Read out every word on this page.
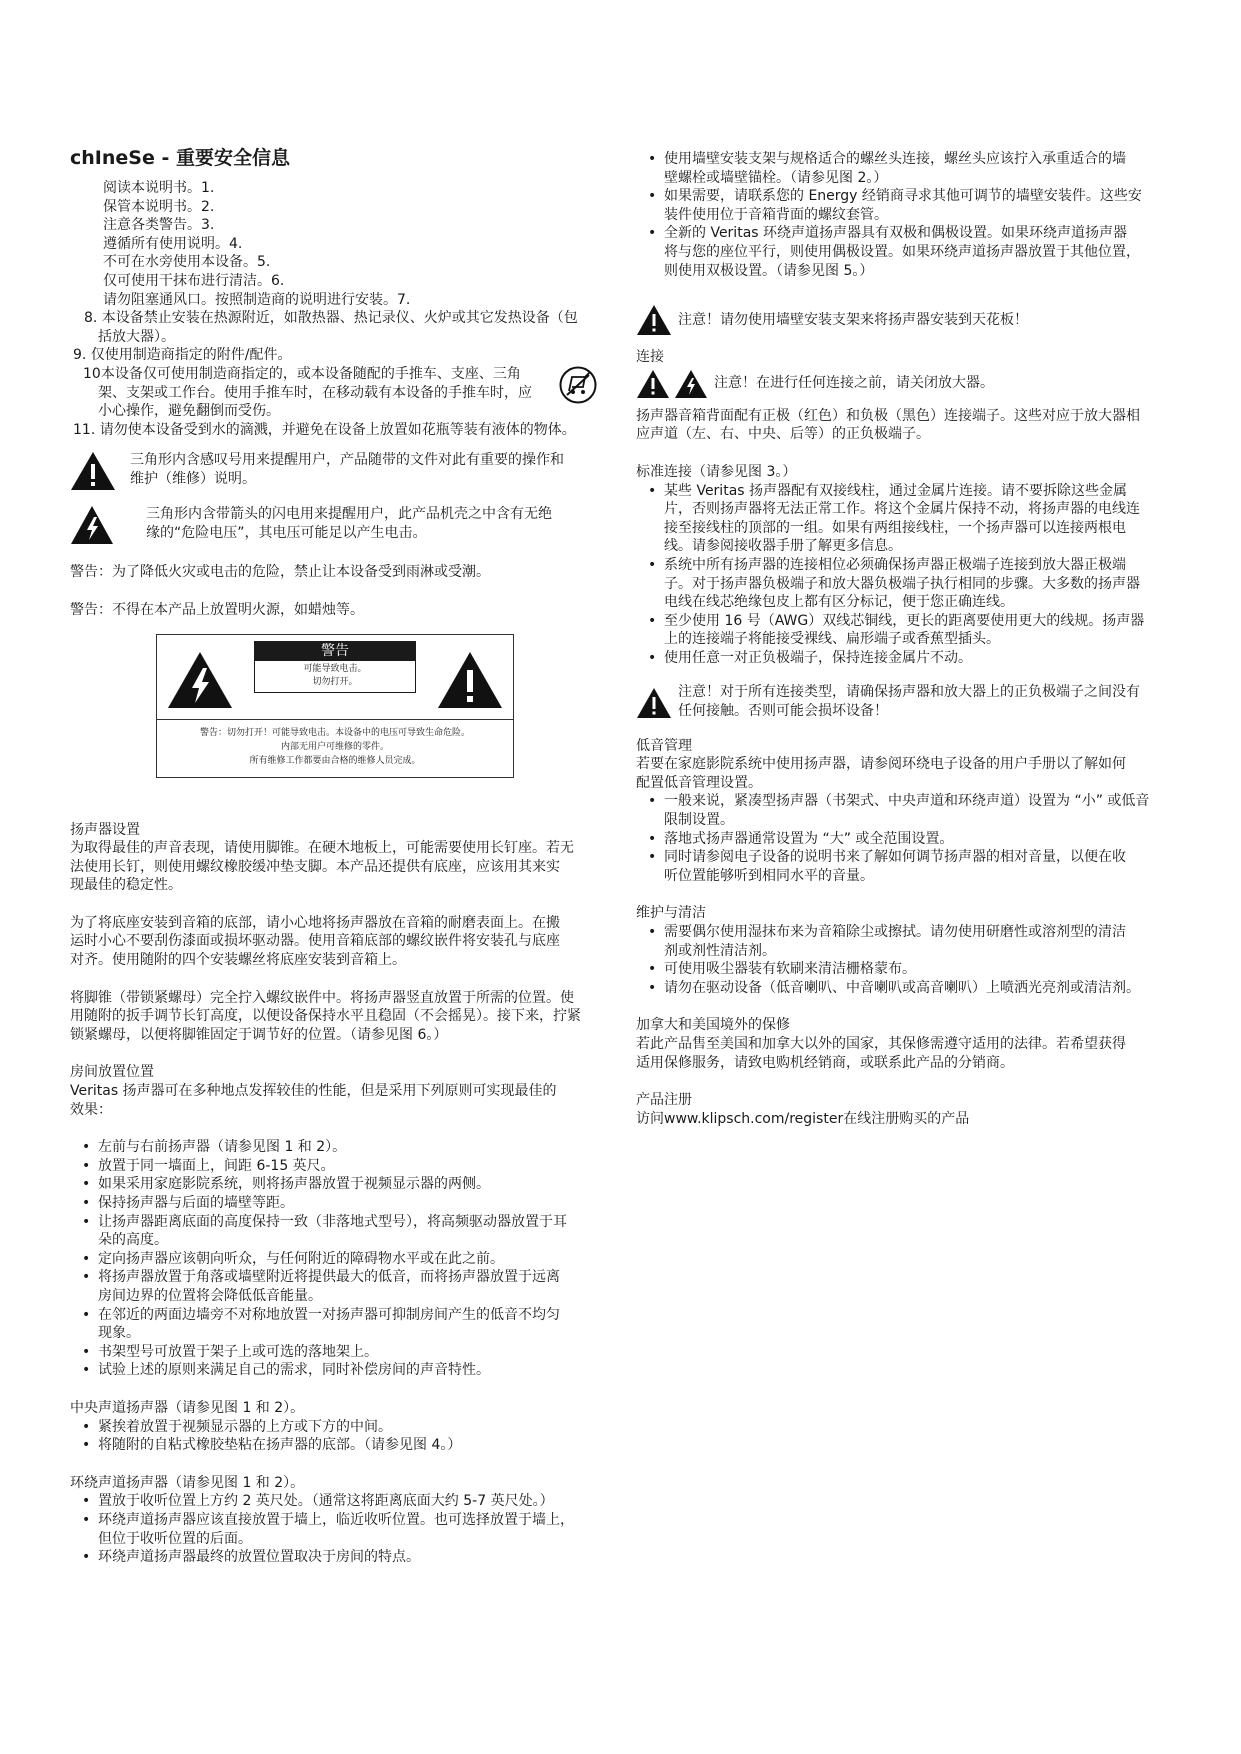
chIneSe - 重要安全信息
阅读本说明书。1.
保管本说明书。2.
注意各类警告。3.
遵循所有使用说明。4.
不可在水旁使用本设备。5.
仅可使用干抹布进行清洁。6.
请勿阻塞通风口。按照制造商的说明进行安装。7.
8. 本设备禁止安装在热源附近，如散热器、热记录仪、火炉或其它发热设备（包
括放大器）。
9. 仅使用制造商指定的附件/配件。
10本设备仅可使用制造商指定的，或本设备随配的手推车、支座、三角
架、支架或工作台。使用手推车时，在移动载有本设备的手推车时，应
小心操作，避免翻倒而受伤。
11. 请勿使本设备受到水的滴溅，并避免在设备上放置如花瓶等装有液体的物体。
三角形内含感叹号用来提醒用户，产品随带的文件对此有重要的操作和
维护（维修）说明。
三角形内含带箭头的闪电用来提醒用户，此产品机壳之中含有无绝
缘的“危险电压”，其电压可能足以产生电击。
警告：为了降低火灾或电击的危险，禁止让本设备受到雨淋或受潮。
警告：不得在本产品上放置明火源，如蜡烛等。
警告
可能导致电击。
切勿打开。
警告：切勿打开！可能导致电击。本设备中的电压可导致生命危险。
内部无用户可维修的零件。
所有维修工作都要由合格的维修人员完成。
扬声器设置
为取得最佳的声音表现，请使用脚锥。在硬木地板上，可能需要使用长钉座。若无
法使用长钉，则使用螺纹橡胶缓冲垫支脚。本产品还提供有底座，应该用其来实
现最佳的稳定性。
为了将底座安装到音箱的底部，请小心地将扬声器放在音箱的耐磨表面上。在搬
运时小心不要刮伤漆面或损坏驱动器。使用音箱底部的螺纹嵌件将安装孔与底座
对齐。使用随附的四个安装螺丝将底座安装到音箱上。
将脚锥（带锁紧螺母）完全拧入螺纹嵌件中。将扬声器竖直放置于所需的位置。使
用随附的扳手调节长钉高度，以便设备保持水平且稳固（不会摇晃）。接下来，拧紧
锁紧螺母，以便将脚锥固定于调节好的位置。（请参见图 6。）
房间放置位置
Veritas 扬声器可在多种地点发挥较佳的性能，但是采用下列原则可实现最佳的
效果：
• 左前与右前扬声器（请参见图 1 和 2）。
• 放置于同一墙面上，间距 6-15 英尺。
• 如果采用家庭影院系统，则将扬声器放置于视频显示器的两侧。
• 保持扬声器与后面的墙壁等距。
• 让扬声器距离底面的高度保持一致（非落地式型号），将高频驱动器放置于耳
朵的高度。
• 定向扬声器应该朝向听众，与任何附近的障碍物水平或在此之前。
• 将扬声器放置于角落或墙壁附近将提供最大的低音，而将扬声器放置于远离
房间边界的位置将会降低低音能量。
• 在邻近的两面边墙旁不对称地放置一对扬声器可抑制房间产生的低音不均匀
现象。
• 书架型号可放置于架子上或可选的落地架上。
• 试验上述的原则来满足自己的需求，同时补偿房间的声音特性。
中央声道扬声器（请参见图 1 和 2）。
• 紧挨着放置于视频显示器的上方或下方的中间。
• 将随附的自粘式橡胶垫粘在扬声器的底部。（请参见图 4。）
环绕声道扬声器（请参见图 1 和 2）。
• 置放于收听位置上方约 2 英尺处。（通常这将距离底面大约 5-7 英尺处。）
• 环绕声道扬声器应该直接放置于墙上，临近收听位置。也可选择放置于墙上，
但位于收听位置的后面。
• 环绕声道扬声器最终的放置位置取决于房间的特点。
• 使用墙壁安装支架与规格适合的螺丝头连接，螺丝头应该拧入承重适合的墙
壁螺栓或墙壁锚栓。（请参见图 2。）
• 如果需要，请联系您的 Energy 经销商寻求其他可调节的墙壁安装件。这些安
装件使用位于音箱背面的螺纹套管。
• 全新的 Veritas 环绕声道扬声器具有双极和偶极设置。如果环绕声道扬声器
将与您的座位平行，则使用偶极设置。如果环绕声道扬声器放置于其他位置，
则使用双极设置。（请参见图 5。）
注意！请勿使用墙壁安装支架来将扬声器安装到天花板！
连接
注意！在进行任何连接之前，请关闭放大器。
扬声器音箱背面配有正极（红色）和负极（黑色）连接端子。这些对应于放大器相
应声道（左、右、中央、后等）的正负极端子。
标准连接（请参见图 3。）
• 某些 Veritas 扬声器配有双接线柱，通过金属片连接。请不要拆除这些金属
片，否则扬声器将无法正常工作。将这个金属片保持不动，将扬声器的电线连
接至接线柱的顶部的一组。如果有两组接线柱，一个扬声器可以连接两根电
线。请参阅接收器手册了解更多信息。
• 系统中所有扬声器的连接相位必须确保扬声器正极端子连接到放大器正极端
子。对于扬声器负极端子和放大器负极端子执行相同的步骤。大多数的扬声器
电线在线芯绝缘包皮上都有区分标记，便于您正确连线。
• 至少使用 16 号（AWG）双线芯铜线，更长的距离要使用更大的线规。扬声器
上的连接端子将能接受裸线、扁形端子或香蕉型插头。
• 使用任意一对正负极端子，保持连接金属片不动。
注意！对于所有连接类型，请确保扬声器和放大器上的正负极端子之间没有
任何接触。否则可能会损坏设备！
低音管理
若要在家庭影院系统中使用扬声器，请参阅环绕电子设备的用户手册以了解如何
配置低音管理设置。
• 一般来说，紧凑型扬声器（书架式、中央声道和环绕声道）设置为 “小” 或低音
限制设置。
• 落地式扬声器通常设置为 “大” 或全范围设置。
• 同时请参阅电子设备的说明书来了解如何调节扬声器的相对音量，以便在收
听位置能够听到相同水平的音量。
维护与清洁
• 需要偶尔使用湿抹布来为音箱除尘或擦拭。请勿使用研磨性或溶剂型的清洁
剂或剂性清洁剂。
• 可使用吸尘器装有软刷来清洁栅格蒙布。
• 请勿在驱动设备（低音喇叭、中音喇叭或高音喇叭）上喷洒光亮剂或清洁剂。
加拿大和美国境外的保修
若此产品售至美国和加拿大以外的国家，其保修需遵守适用的法律。若希望获得
适用保修服务，请致电购机经销商，或联系此产品的分销商。
产品注册
访问www.klipsch.com/register在线注册购买的产品
